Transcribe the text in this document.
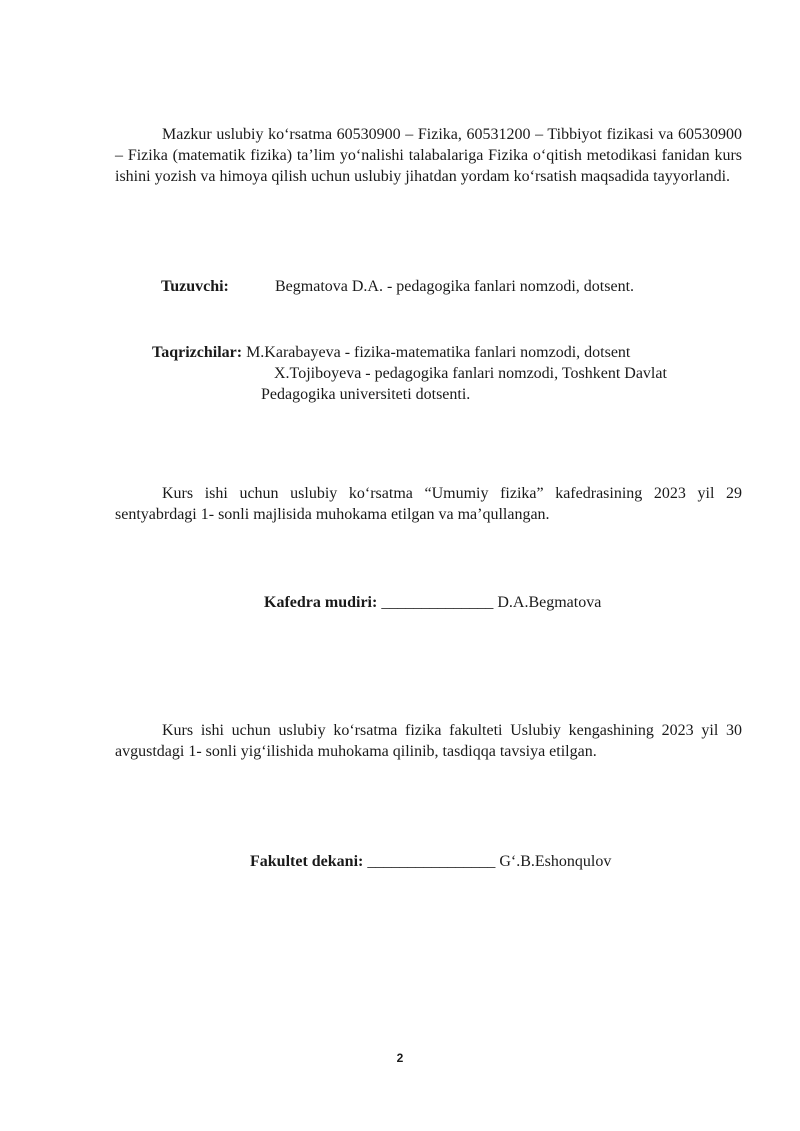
Mazkur uslubiy koʻrsatma 60530900 – Fizika, 60531200 – Tibbiyot fizikasi va 60530900 – Fizika (matematik fizika) taʼlim yoʻnalishi talabalariga Fizika oʻqitish metodikasi fanidan kurs ishini yozish va himoya qilish uchun uslubiy jihatdan yordam koʻrsatish maqsadida tayyorlandi.

Tuzuvchi:	Begmatova D.A. - pedagogika fanlari nomzodi, dotsent.
Taqrizchilar: M.Karabayeva - fizika-matematika fanlari nomzodi, dotsent
X.Tojiboyeva - pedagogika fanlari nomzodi, Toshkent Davlat
Pedagogika universiteti dotsenti.

Kurs ishi uchun uslubiy koʻrsatma “Umumiy fizika” kafedrasining 2023 yil 29 sentyabrdagi 1- sonli majlisida muhokama etilgan va maʼqullangan.

Kafedra mudiri: ______________ D.A.Begmatova

Kurs ishi uchun uslubiy koʻrsatma fizika fakulteti Uslubiy kengashining 2023 yil 30 avgustdagi 1- sonli yigʻilishida muhokama qilinib, tasdiqqa tavsiya etilgan.

Fakultet dekani: ________________ Gʻ.B.Eshonqulov
2
